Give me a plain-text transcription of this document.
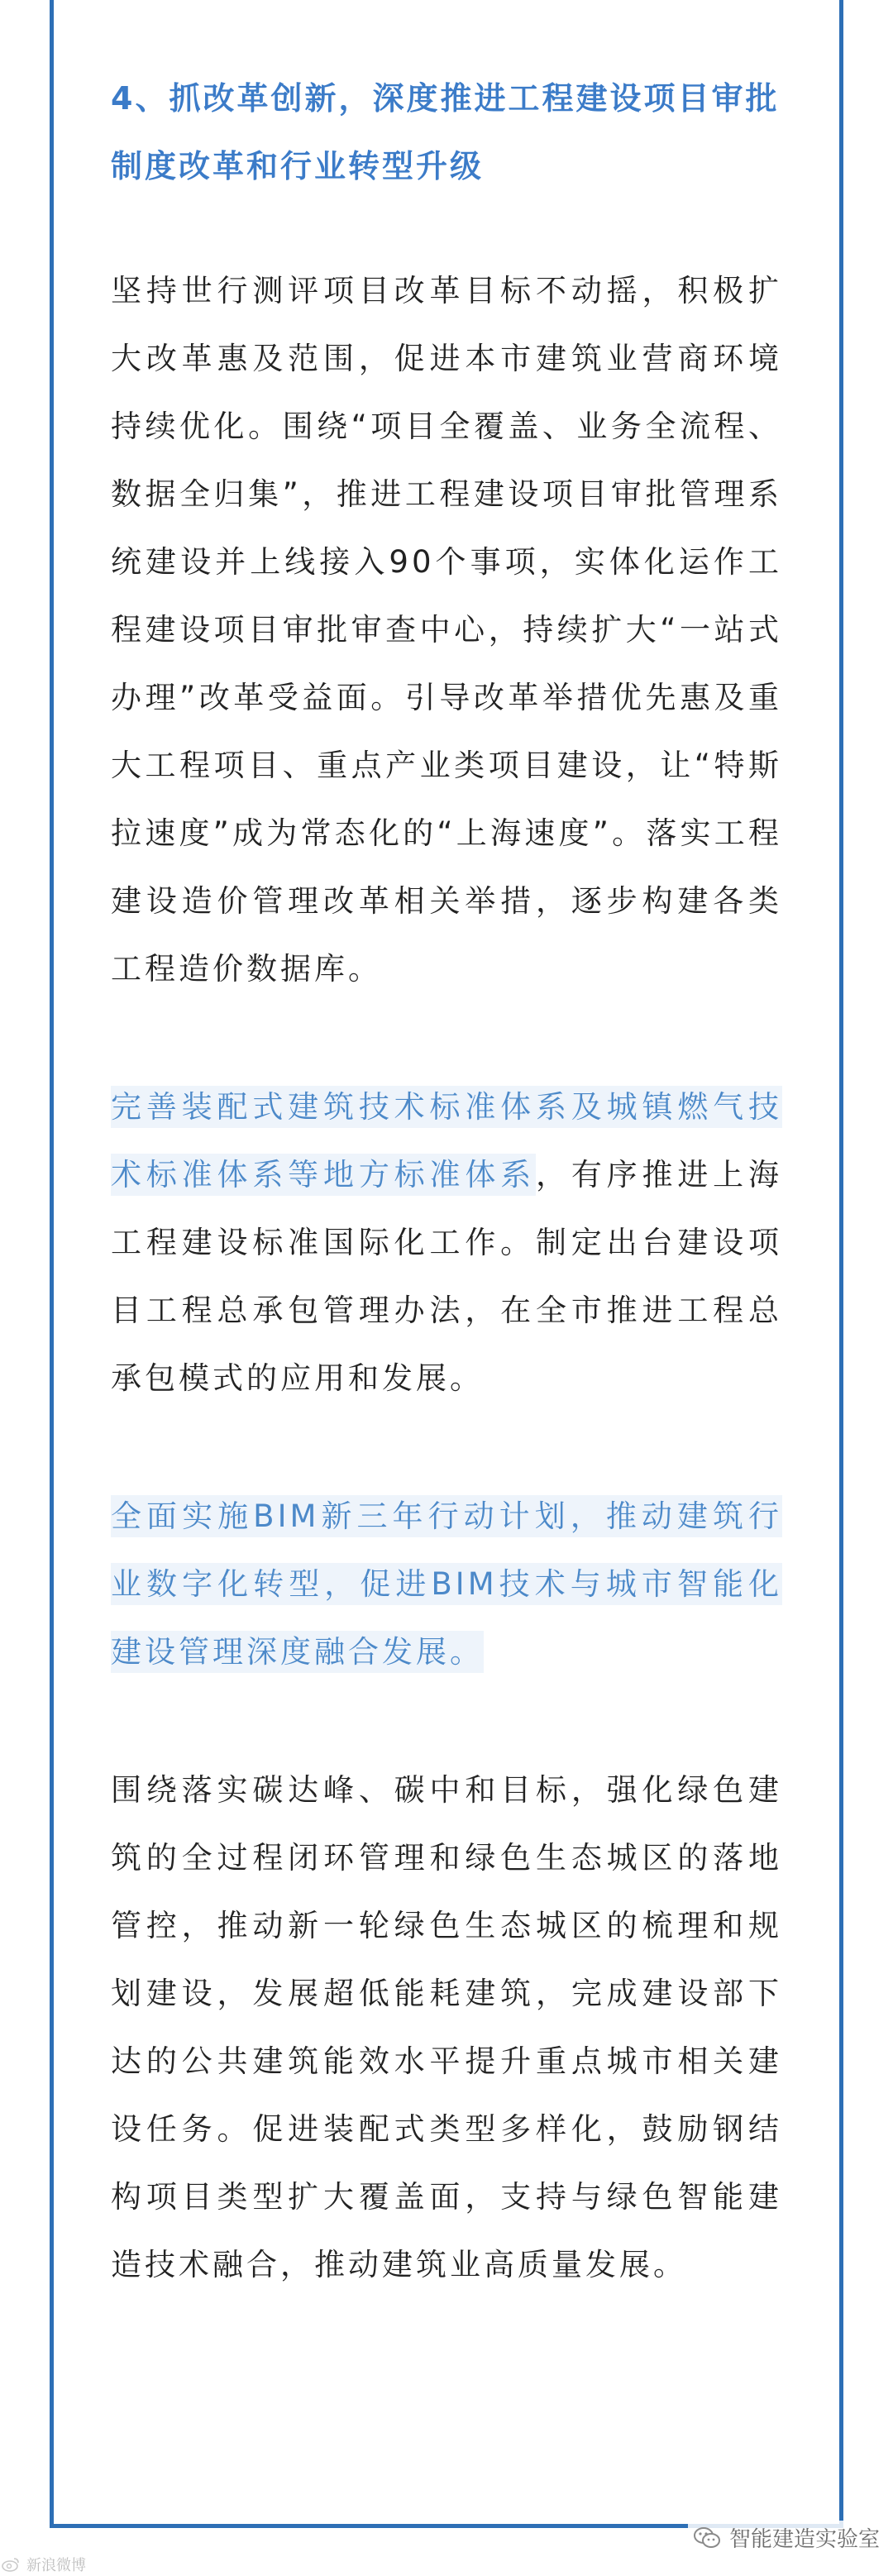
4、抓改革创新，深度推进工程建设项目审批制度改革和行业转型升级

坚持世行测评项目改革目标不动摇，积极扩大改革惠及范围，促进本市建筑业营商环境持续优化。围绕“项目全覆盖、业务全流程、数据全归集”，推进工程建设项目审批管理系统建设并上线接入90个事项，实体化运作工程建设项目审批审查中心，持续扩大“一站式办理”改革受益面。引导改革举措优先惠及重大工程项目、重点产业类项目建设，让“特斯拉速度”成为常态化的“上海速度”。落实工程建设造价管理改革相关举措，逐步构建各类工程造价数据库。

完善装配式建筑技术标准体系及城镇燃气技术标准体系等地方标准体系，有序推进上海工程建设标准国际化工作。制定出台建设项目工程总承包管理办法，在全市推进工程总承包模式的应用和发展。

全面实施BIM新三年行动计划，推动建筑行业数字化转型，促进BIM技术与城市智能化建设管理深度融合发展。

围绕落实碳达峰、碳中和目标，强化绿色建筑的全过程闭环管理和绿色生态城区的落地管控，推动新一轮绿色生态城区的梳理和规划建设，发展超低能耗建筑，完成建设部下达的公共建筑能效水平提升重点城市相关建设任务。促进装配式类型多样化，鼓励钢结构项目类型扩大覆盖面，支持与绿色智能建造技术融合，推动建筑业高质量发展。

新浪微博
智能建造实验室
